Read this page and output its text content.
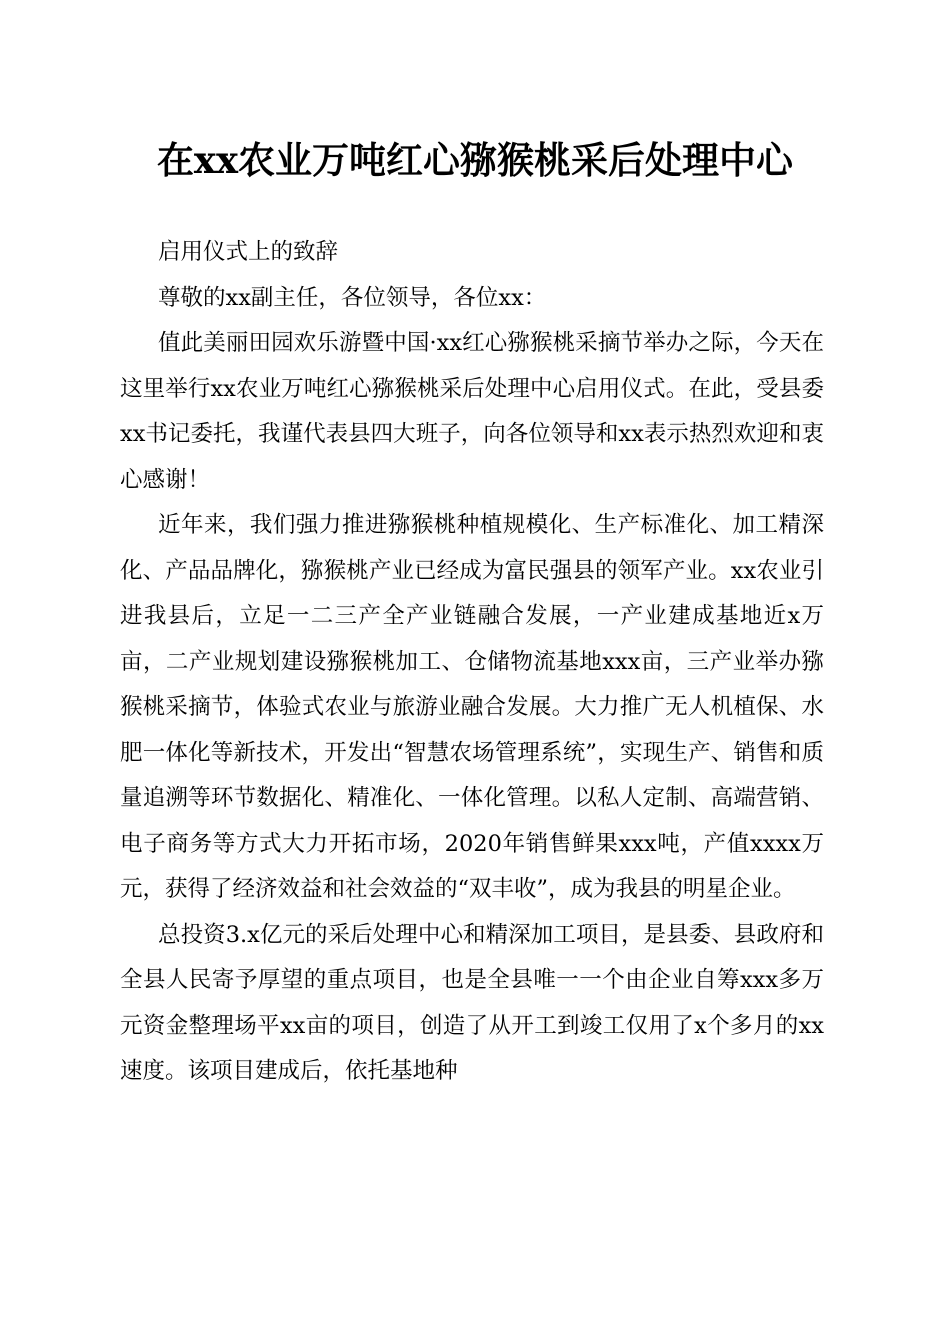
在xx农业万吨红心猕猴桃采后处理中心

启用仪式上的致辞

尊敬的xx副主任，各位领导，各位xx：

值此美丽田园欢乐游暨中国·xx红心猕猴桃采摘节举办之际，今天在这里举行xx农业万吨红心猕猴桃采后处理中心启用仪式。在此，受县委xx书记委托，我谨代表县四大班子，向各位领导和xx表示热烈欢迎和衷心感谢！

近年来，我们强力推进猕猴桃种植规模化、生产标准化、加工精深化、产品品牌化，猕猴桃产业已经成为富民强县的领军产业。xx农业引进我县后，立足一二三产全产业链融合发展，一产业建成基地近x万亩，二产业规划建设猕猴桃加工、仓储物流基地xxx亩，三产业举办猕猴桃采摘节，体验式农业与旅游业融合发展。大力推广无人机植保、水肥一体化等新技术，开发出“智慧农场管理系统”，实现生产、销售和质量追溯等环节数据化、精准化、一体化管理。以私人定制、高端营销、电子商务等方式大力开拓市场，2020年销售鲜果xxx吨，产值xxxx万元，获得了经济效益和社会效益的“双丰收”，成为我县的明星企业。

总投资3.x亿元的采后处理中心和精深加工项目，是县委、县政府和全县人民寄予厚望的重点项目，也是全县唯一一个由企业自筹xxx多万元资金整理场平xx亩的项目，创造了从开工到竣工仅用了x个多月的xx速度。该项目建成后，依托基地种
